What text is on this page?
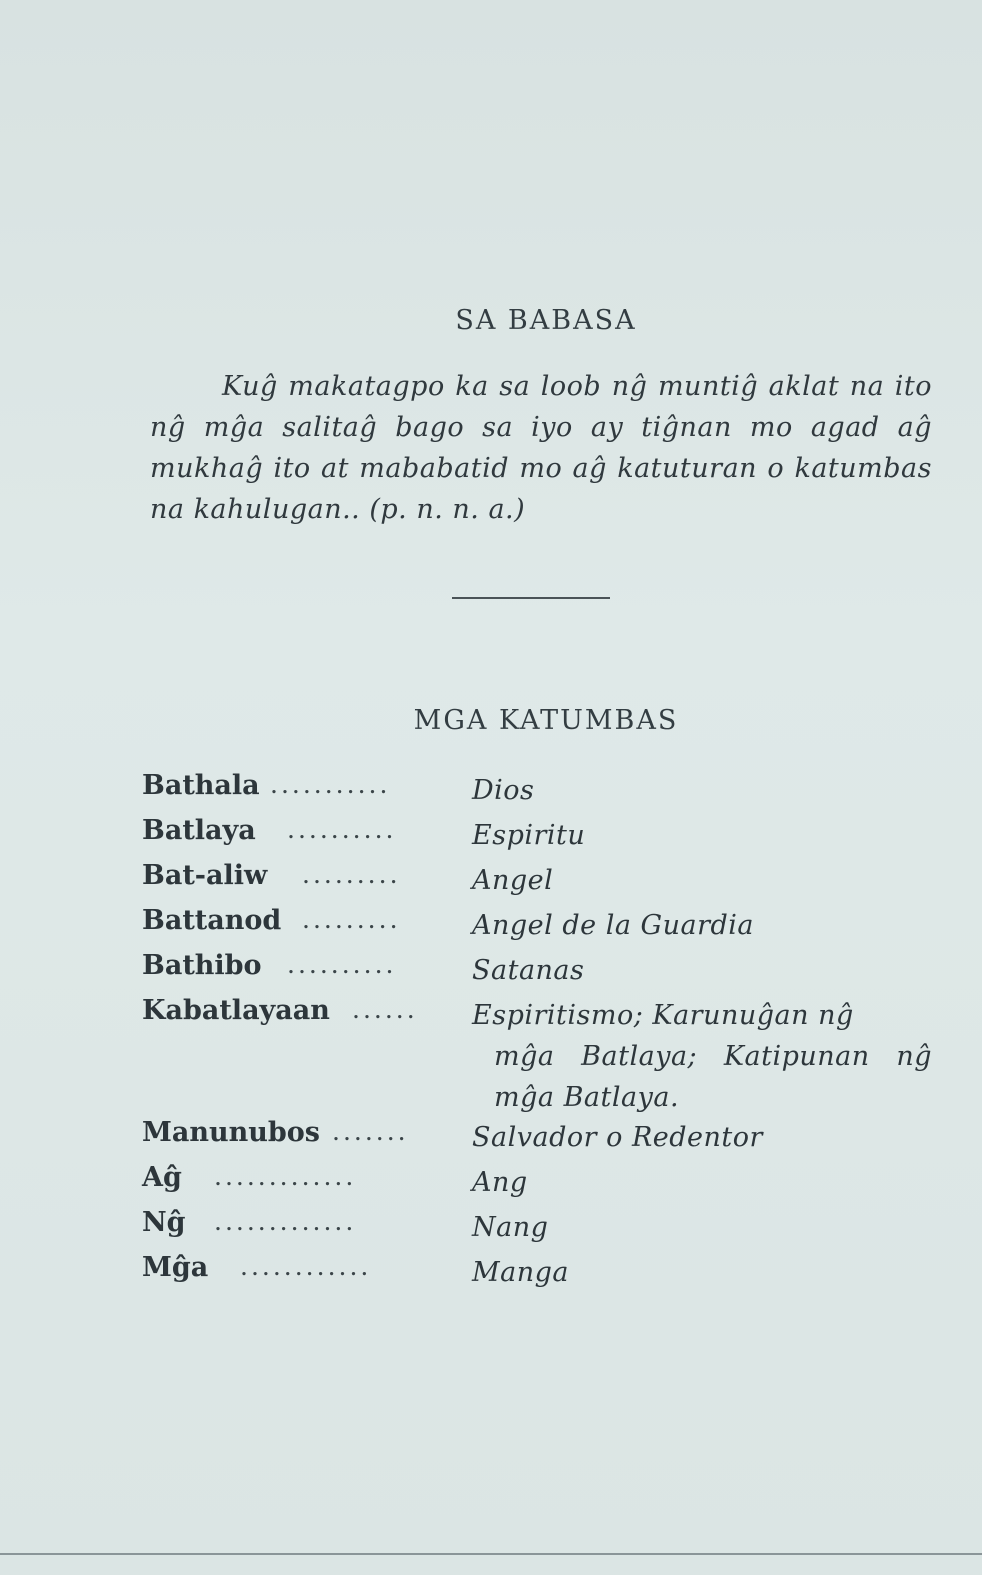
SA BABASA
Kuĝ makatagpo ka sa loob nĝ muntiĝ aklat na ito nĝ mĝa salitaĝ bago sa iyo ay tiĝnan mo agad aĝ mukhaĝ ito at mababatid mo aĝ katuturan o katumbas na kahulugan.. (p. n. n. a.)
MGA KATUMBAS
Bathala ...........	Dios
Batlaya ..........	Espiritu
Bat-aliw .........	Angel
Battanod .........	Angel de la Guardia
Bathibo ..........	Satanas
Kabatlayaan ...... Espiritismo; Karunuĝan nĝ
mĝa Batlaya; Katipunan nĝ mĝa Batlaya.
Manunubos ....... Salvador o Redentor
Aĝ .............	Ang
Nĝ .............	Nang
Mĝa ............	Manga
